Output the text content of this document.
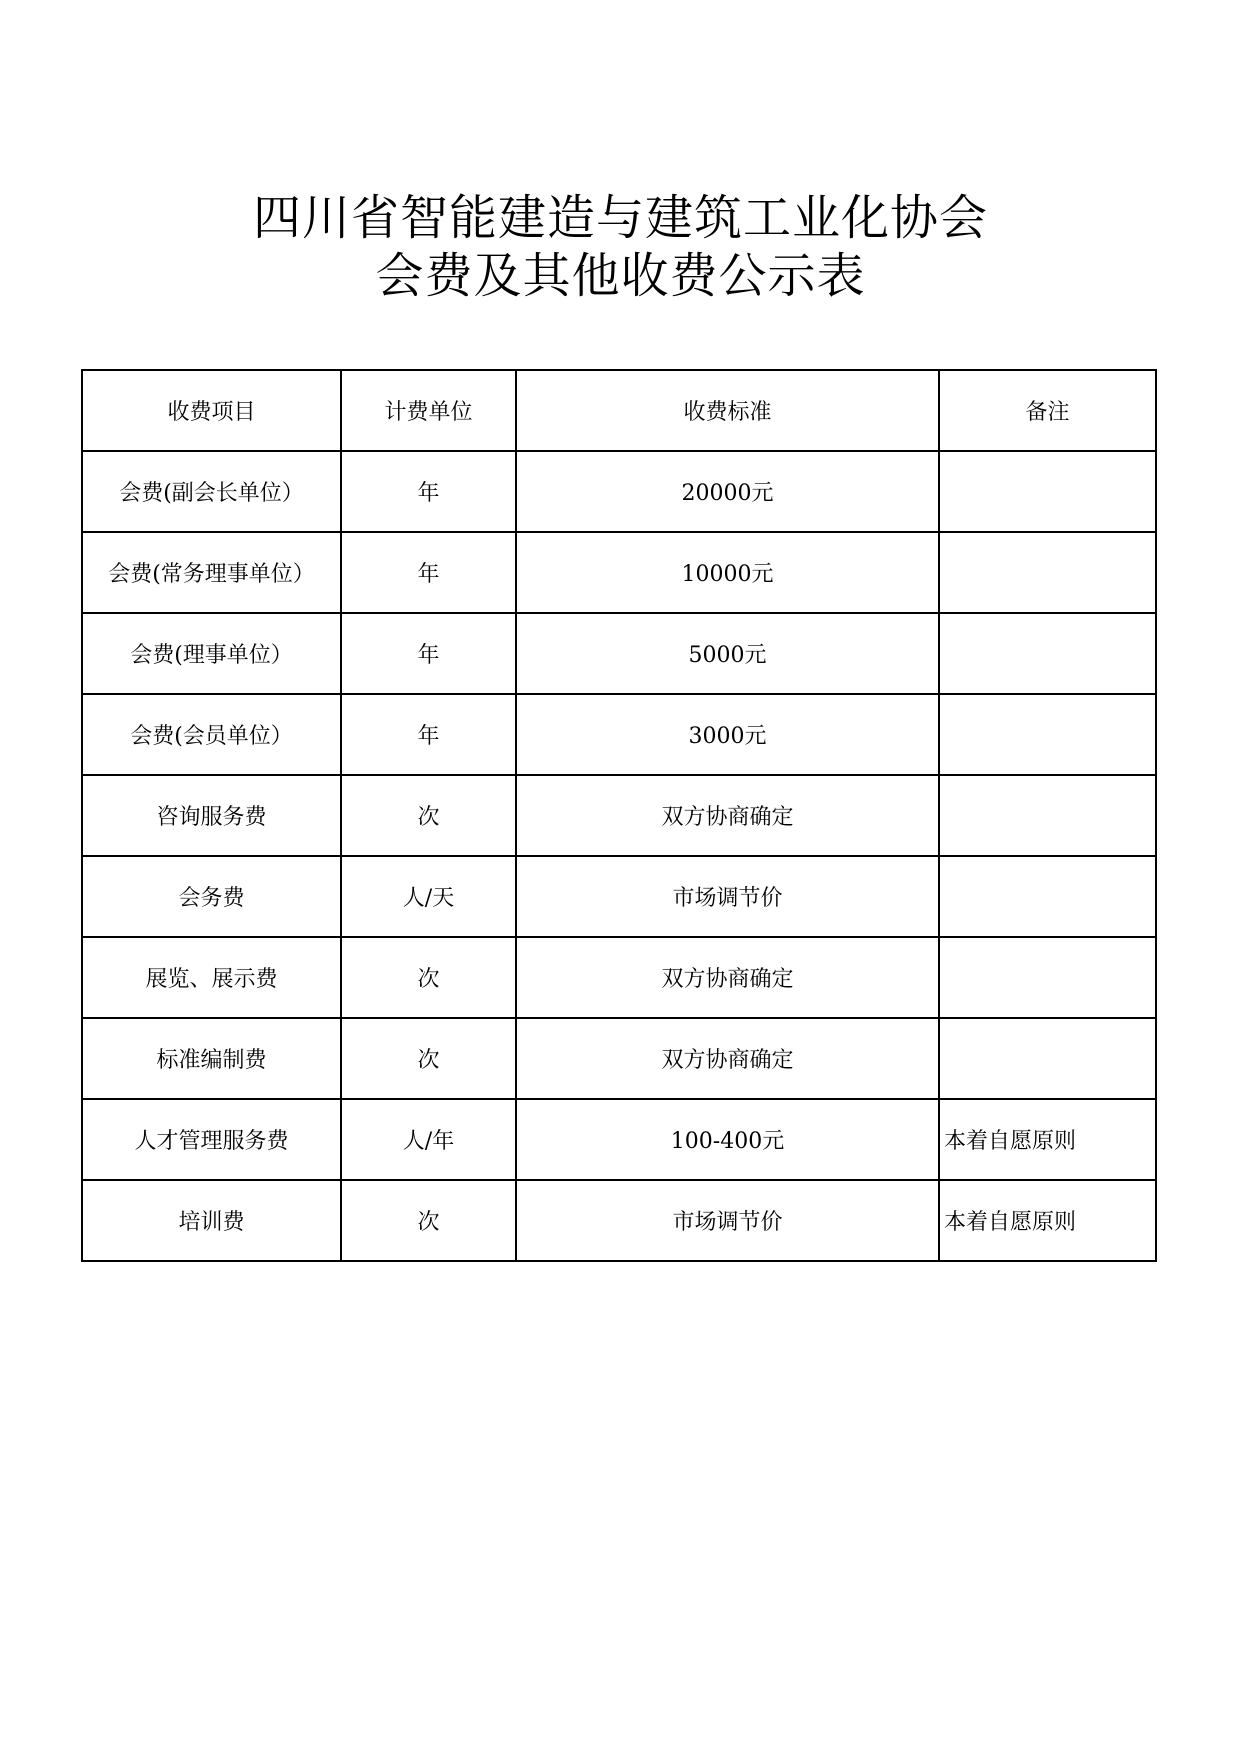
四川省智能建造与建筑工业化协会
会费及其他收费公示表
收费项目	计费单位	收费标准	备注
会费(副会长单位）	年	20000元	
会费(常务理事单位）	年	10000元	
会费(理事单位）	年	5000元	
会费(会员单位）	年	3000元	
咨询服务费	次	双方协商确定	
会务费	人/天	市场调节价	
展览、展示费	次	双方协商确定	
标准编制费	次	双方协商确定	
人才管理服务费	人/年	100-400元	本着自愿原则
培训费	次	市场调节价	本着自愿原则
